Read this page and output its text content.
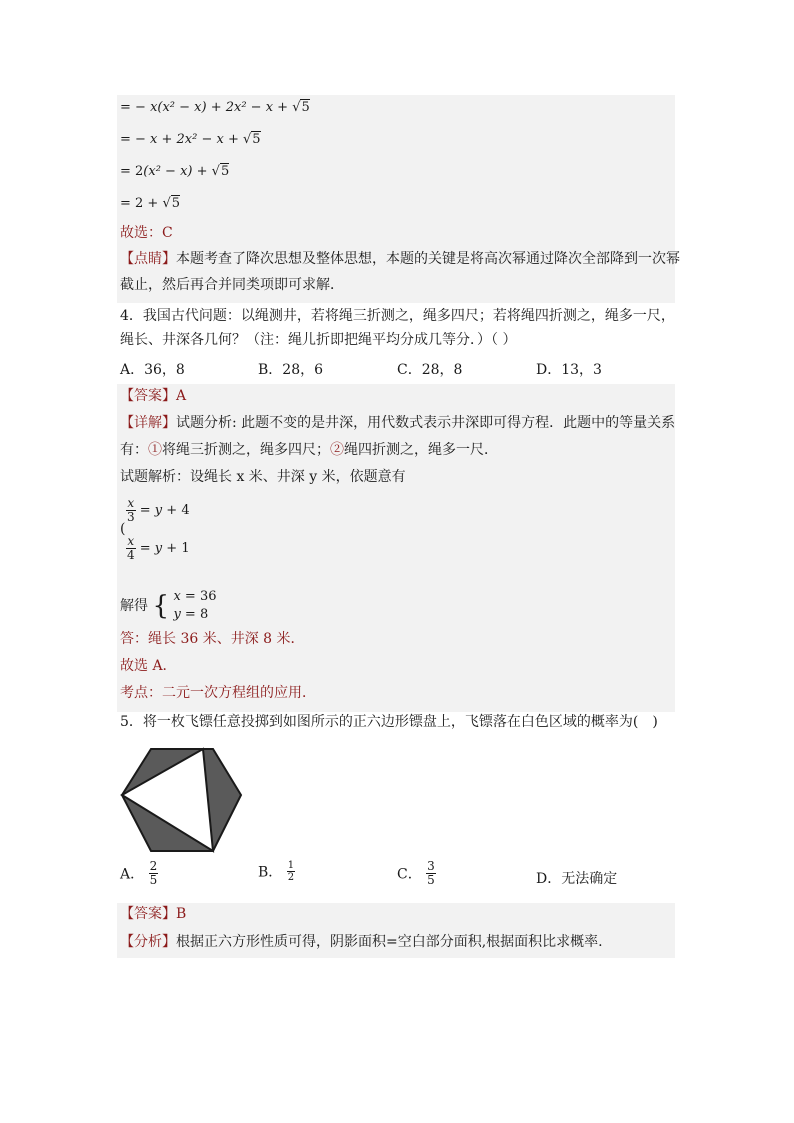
= − x(x² − x) + 2x² − x + √5
= − x + 2x² − x + √5
= 2(x² − x) + √5
= 2 + √5
故选：C
【点睛】本题考查了降次思想及整体思想，本题的关键是将高次幂通过降次全部降到一次幂
截止，然后再合并同类项即可求解．
4．我国古代问题：以绳测井，若将绳三折测之，绳多四尺；若将绳四折测之，绳多一尺，
绳长、井深各几何？（注：绳儿折即把绳平均分成几等分．）（ ）
A．36，8	B．28，6	C．28，8	D．13，3
【答案】A
【详解】试题分析: 此题不变的是井深，用代数式表示井深即可得方程．此题中的等量关系
有：①将绳三折测之，绳多四尺；②绳四折测之，绳多一尺．
试题解析：设绳长 x 米、井深 y 米，依题意有
(
$\frac{x}{3} = y + 4$
$\frac{x}{4} = y + 1$
解得 { x = 36
y = 8
答：绳长 36 米、井深 8 米．
故选 A．
考点：二元一次方程组的应用．
5．将一枚飞镖任意投掷到如图所示的正六边形镖盘上，飞镖落在白色区域的概率为(　)
A． $\frac{2}{5}$	B． $\frac{1}{2}$	C． $\frac{3}{5}$	D．无法确定
【答案】B
【分析】根据正六方形性质可得，阴影面积=空白部分面积,根据面积比求概率.
